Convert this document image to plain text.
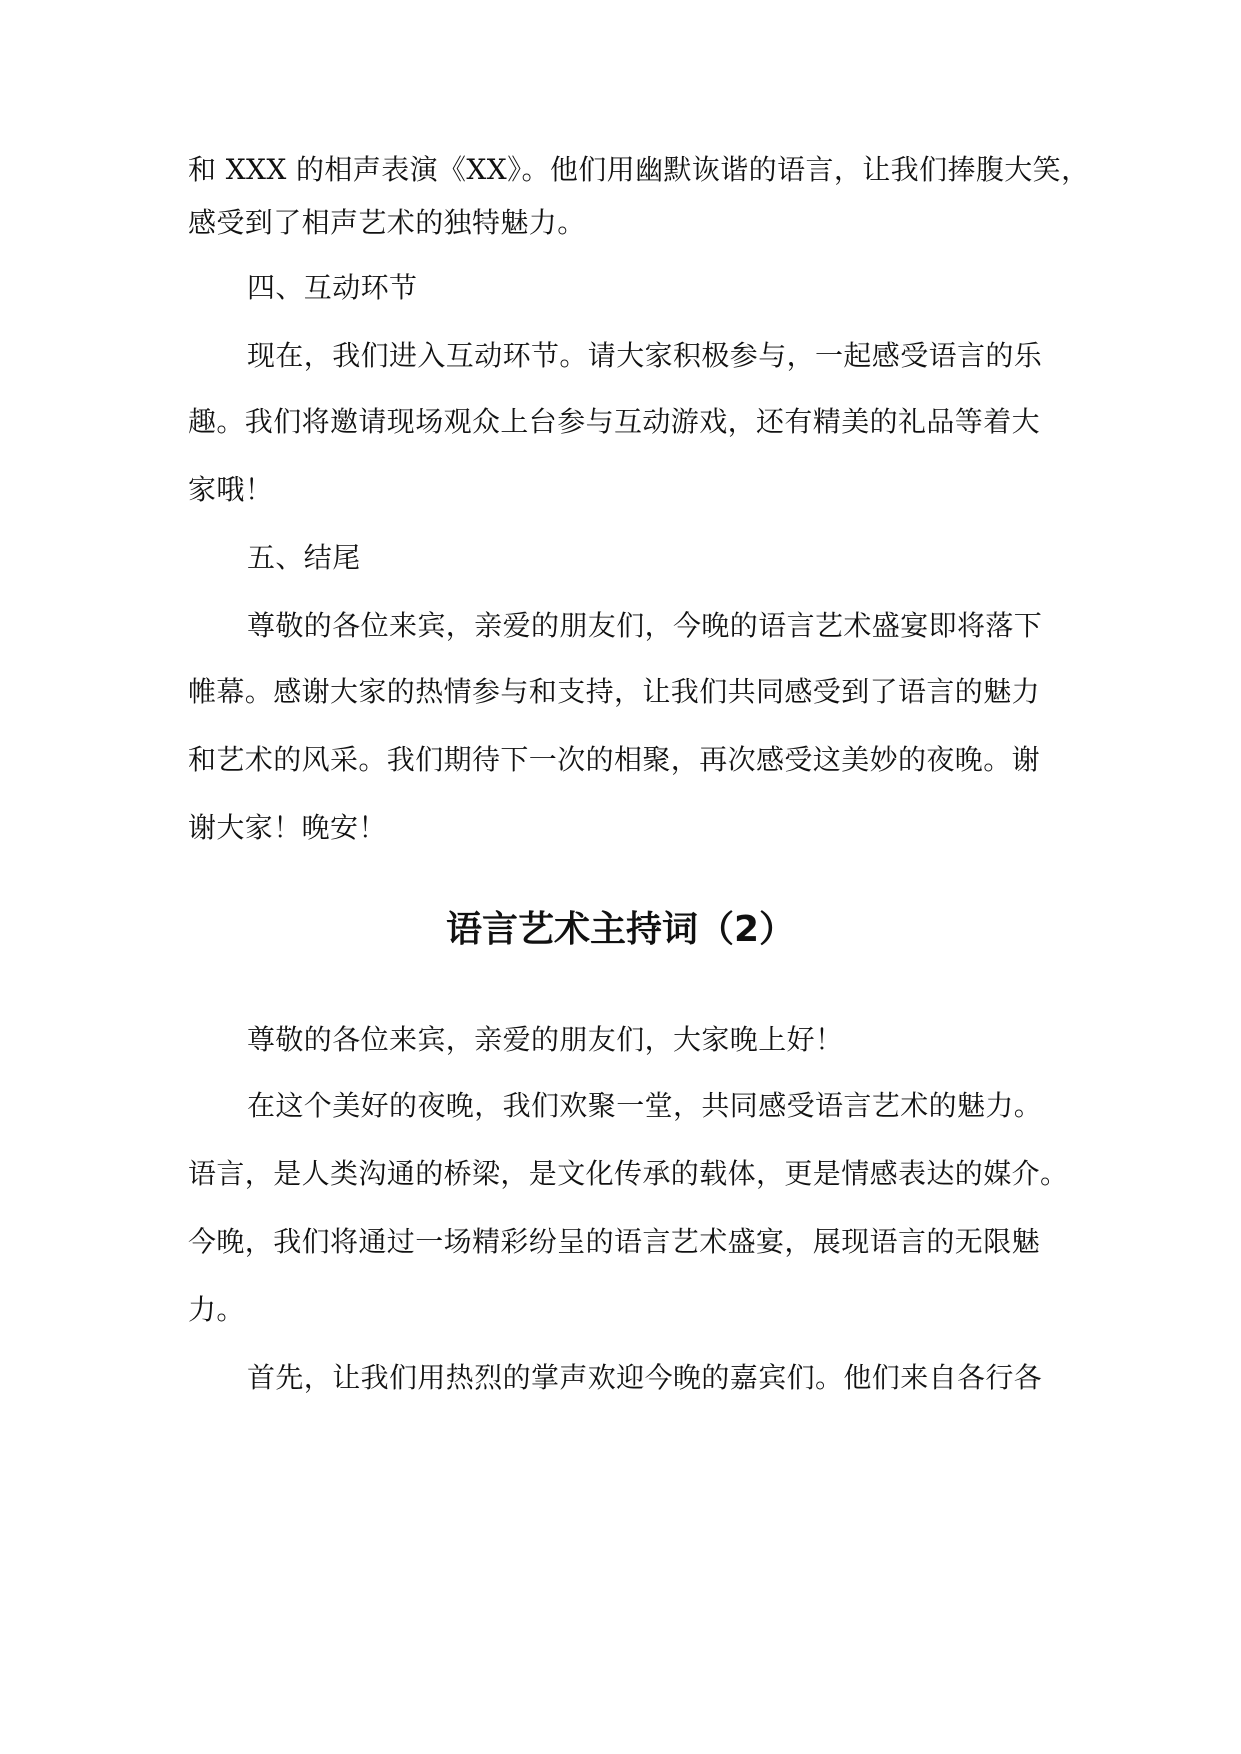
和 XXX 的相声表演《XX》。他们用幽默诙谐的语言，让我们捧腹大笑，
感受到了相声艺术的独特魅力。
四、互动环节
现在，我们进入互动环节。请大家积极参与，一起感受语言的乐
趣。我们将邀请现场观众上台参与互动游戏，还有精美的礼品等着大
家哦！
五、结尾
尊敬的各位来宾，亲爱的朋友们，今晚的语言艺术盛宴即将落下
帷幕。感谢大家的热情参与和支持，让我们共同感受到了语言的魅力
和艺术的风采。我们期待下一次的相聚，再次感受这美妙的夜晚。谢
谢大家！晚安！
语言艺术主持词（2）
尊敬的各位来宾，亲爱的朋友们，大家晚上好！
在这个美好的夜晚，我们欢聚一堂，共同感受语言艺术的魅力。
语言，是人类沟通的桥梁，是文化传承的载体，更是情感表达的媒介。
今晚，我们将通过一场精彩纷呈的语言艺术盛宴，展现语言的无限魅
力。
首先，让我们用热烈的掌声欢迎今晚的嘉宾们。他们来自各行各
